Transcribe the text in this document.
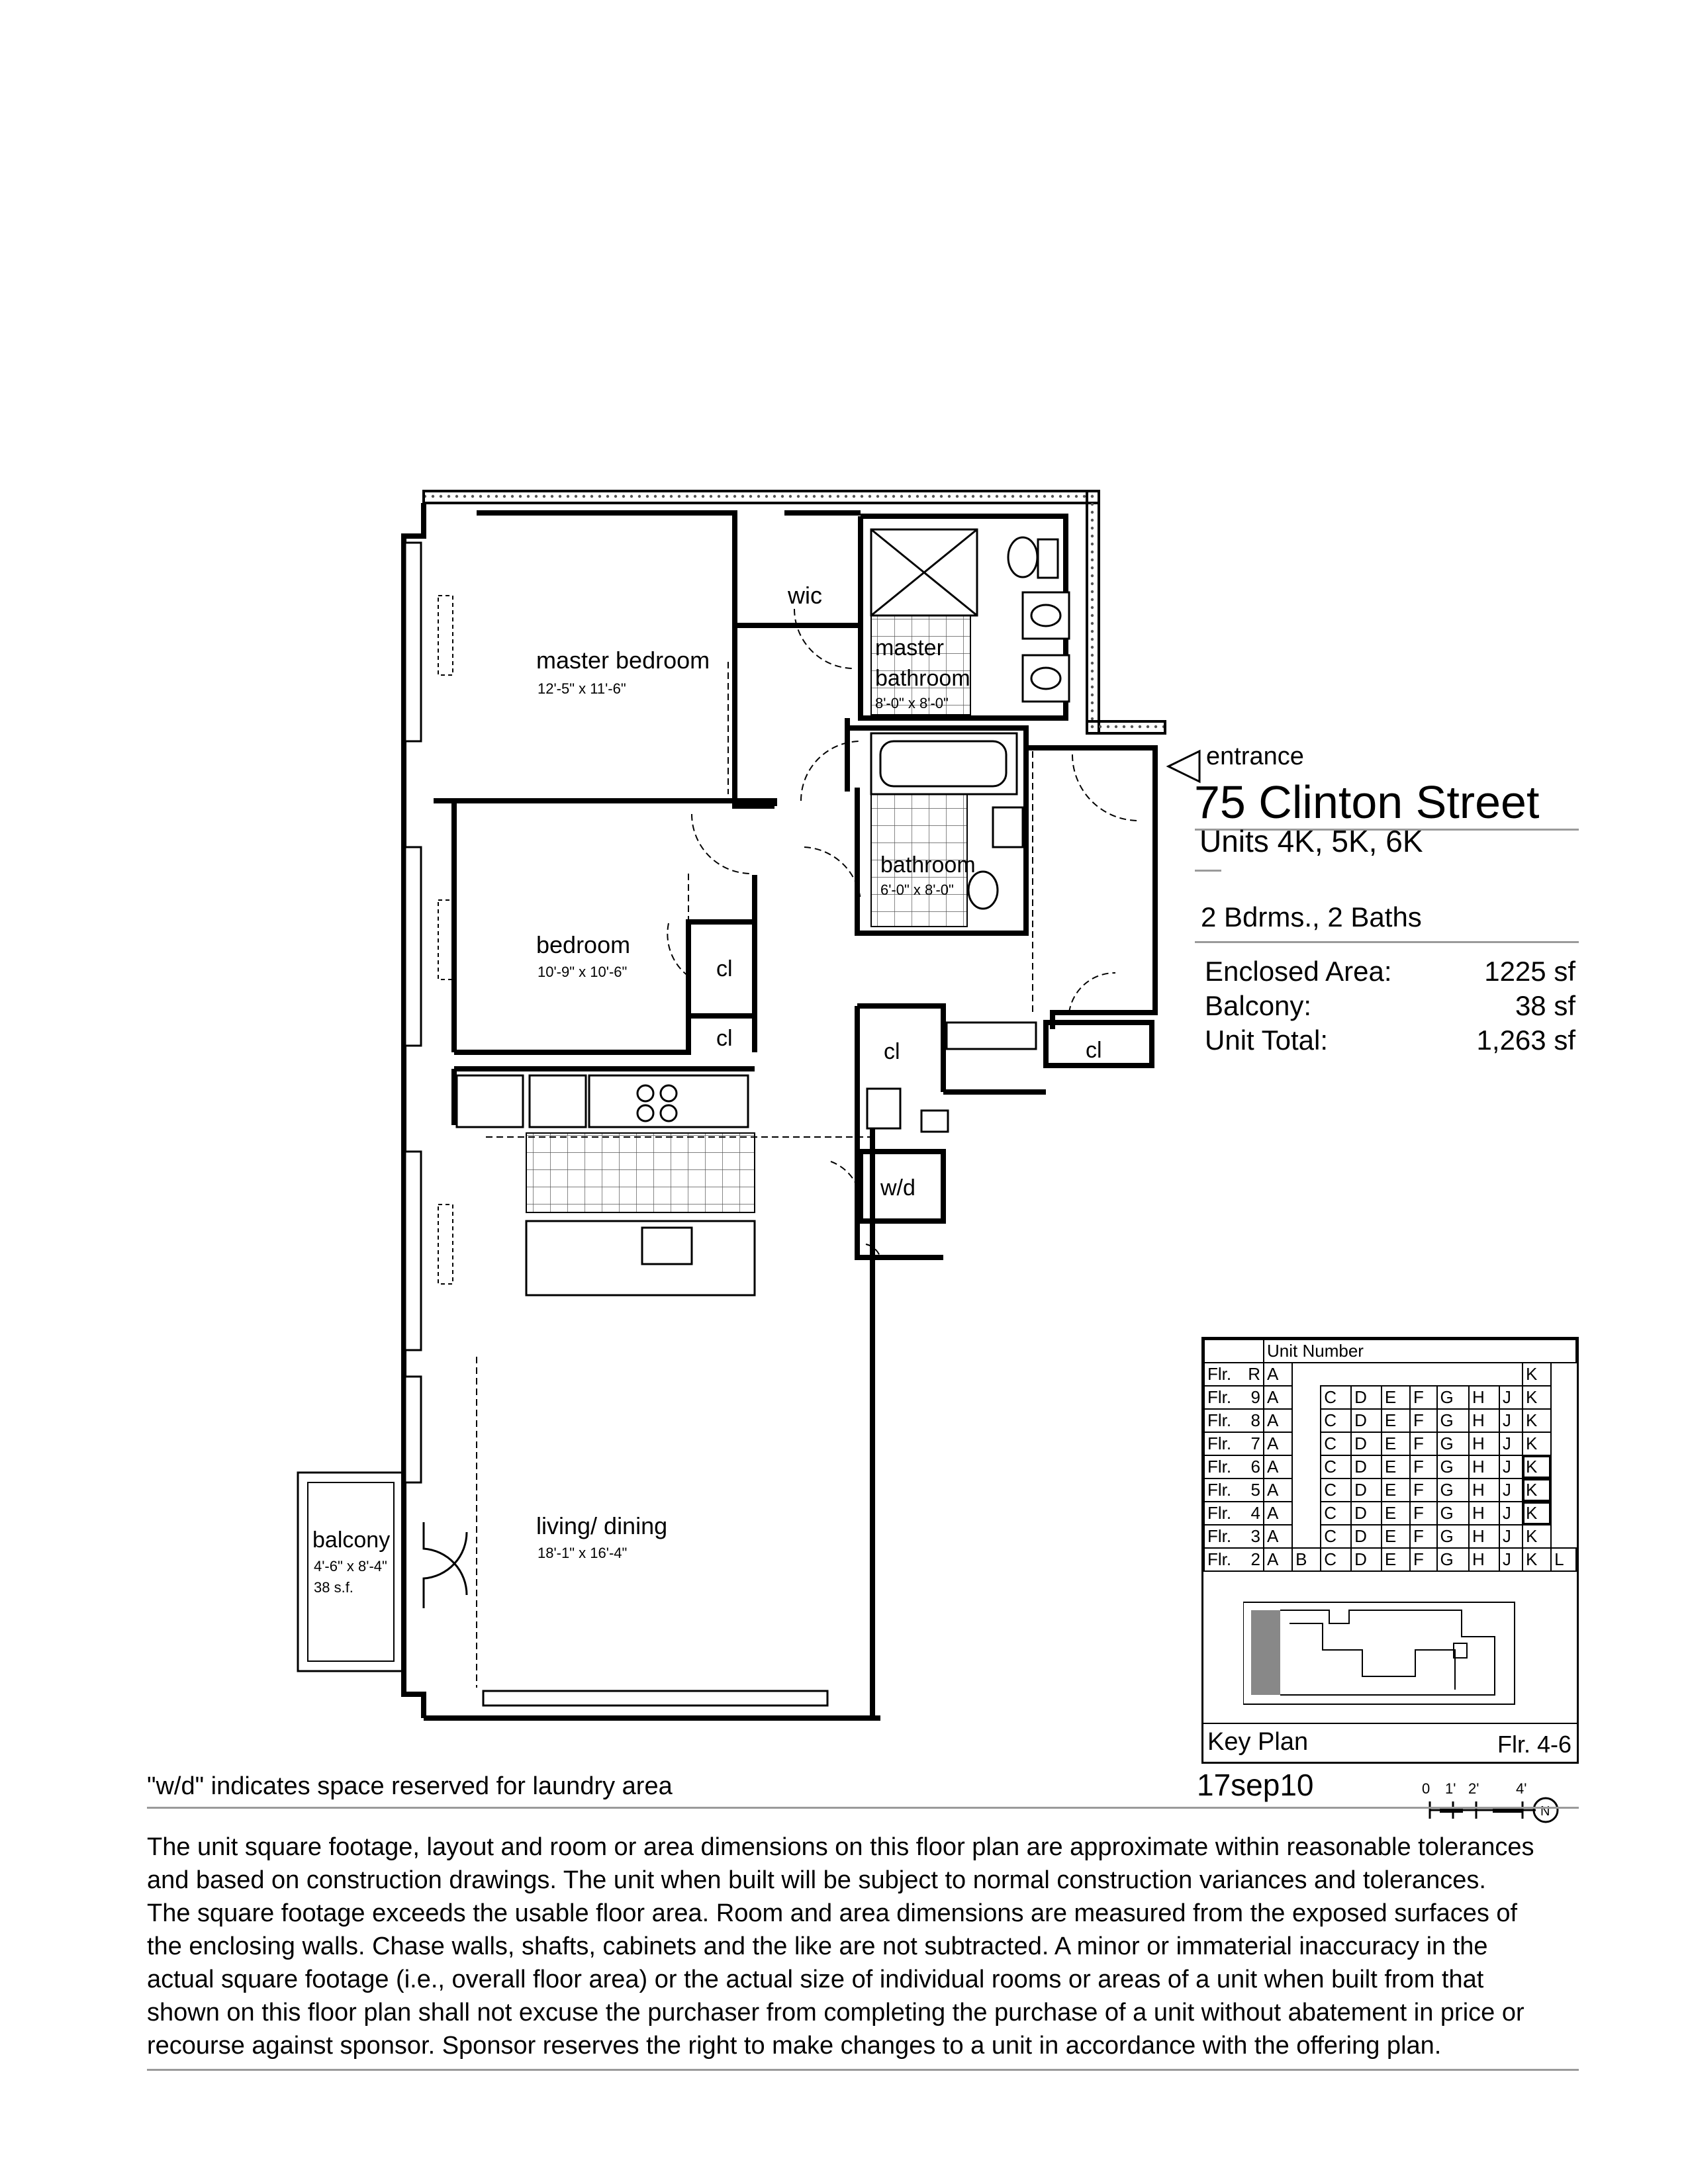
master bedroom
12'-5" x 11'-6"
wic
master
bathroom
8'-0" x 8'-0"
bathroom
6'-0" x 8'-0"
bedroom
10'-9" x 10'-6"	cl
cl
cl	cl
w/d
living/ dining
18'-1" x 16'-4"
balcony
4'-6" x 8'-4"
38 s.f.
N
entrance
75 Clinton Street
Units 4K, 5K, 6K
2 Bdrms., 2 Baths
Enclosed Area:	1225 sf
Balcony:	38 sf
Unit Total:	1,263 sf
	Unit Number										
Flr. R	A									K	
Flr. 9	A		C	D	E	F	G	H	J	K	
Flr. 8	A		C	D	E	F	G	H	J	K	
Flr. 7	A		C	D	E	F	G	H	J	K	
Flr. 6	A		C	D	E	F	G	H	J	K	
Flr. 5	A		C	D	E	F	G	H	J	K	
Flr. 4	A		C	D	E	F	G	H	J	K	
Flr. 3	A		C	D	E	F	G	H	J	K	
Flr. 2	A	B	C	D	E	F	G	H	J	K	L
Key Plan	Flr. 4-6
"w/d" indicates space reserved for laundry area	17sep10	0 1' 2'	4'
The unit square footage, layout and room or area dimensions on this floor plan are approximate within reasonable tolerances
and based on construction drawings. The unit when built will be subject to normal construction variances and tolerances.
The square footage exceeds the usable floor area. Room and area dimensions are measured from the exposed surfaces of
the enclosing walls. Chase walls, shafts, cabinets and the like are not subtracted. A minor or immaterial inaccuracy in the
actual square footage (i.e., overall floor area) or the actual size of individual rooms or areas of a unit when built from that
shown on this floor plan shall not excuse the purchaser from completing the purchase of a unit without abatement in price or
recourse against sponsor. Sponsor reserves the right to make changes to a unit in accordance with the offering plan.
